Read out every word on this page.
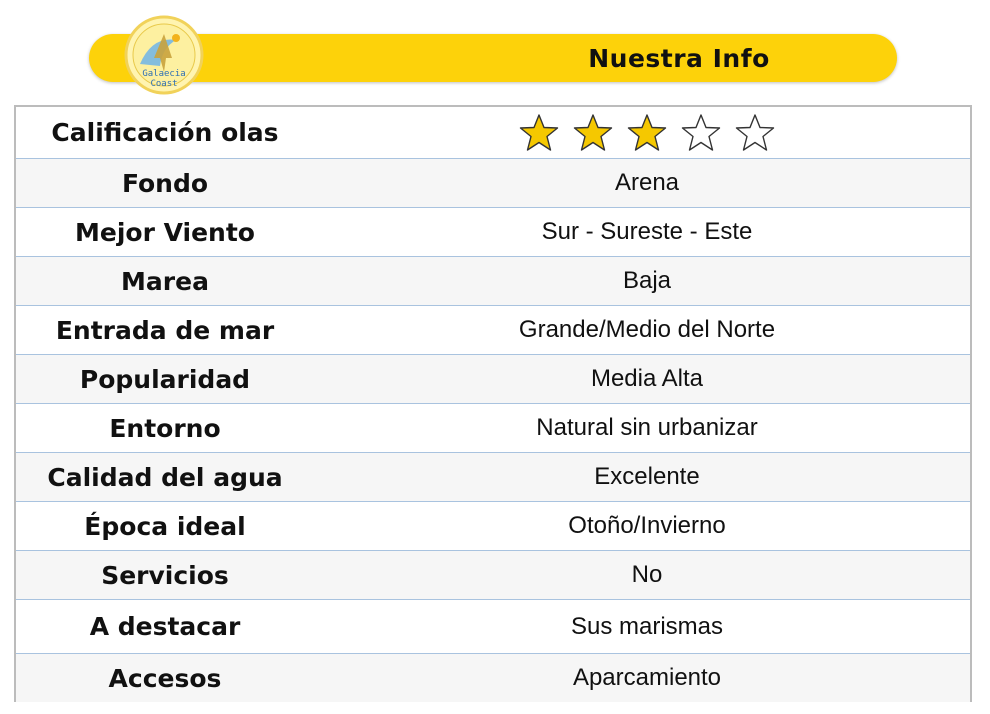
Nuestra Info
Galaecia
Coast
Calificación olas
Fondo	Arena
Mejor Viento	Sur - Sureste - Este
Marea	Baja
Entrada de mar	Grande/Medio del Norte
Popularidad	Media Alta
Entorno	Natural sin urbanizar
Calidad del agua	Excelente
Época ideal	Otoño/Invierno
Servicios	No
A destacar	Sus marismas
Accesos	Aparcamiento
